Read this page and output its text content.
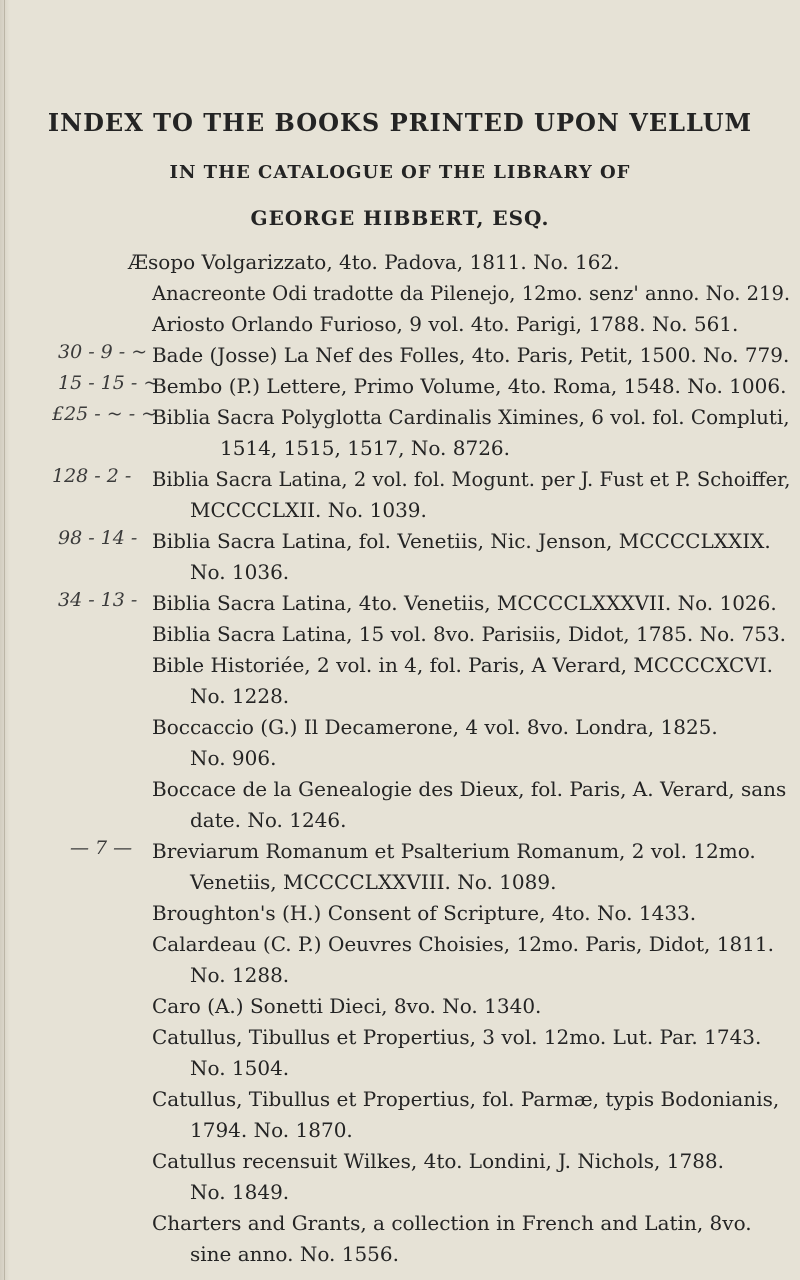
INDEX TO THE BOOKS PRINTED UPON VELLUM
IN THE CATALOGUE OF THE LIBRARY OF
GEORGE HIBBERT, ESQ.
Æsopo Volgarizzato, 4to. Padova, 1811. No. 162.
Anacreonte Odi tradotte da Pilenejo, 12mo. senz' anno. No. 219.
Ariosto Orlando Furioso, 9 vol. 4to. Parigi, 1788. No. 561.
30 - 9 - ~ Bade (Josse) La Nef des Folles, 4to. Paris, Petit, 1500. No. 779.
15 - 15 - ~
Bembo (P.) Lettere, Primo Volume, 4to. Roma, 1548. No. 1006.
£25 - ~ - ~
Biblia Sacra Polyglotta Cardinalis Ximines, 6 vol. fol. Compluti,
1514, 1515, 1517, No. 8726.
128 - 2 - Biblia Sacra Latina, 2 vol. fol. Mogunt. per J. Fust et P. Schoiffer,
MCCCCLXII. No. 1039.
98 - 14 - Biblia Sacra Latina, fol. Venetiis, Nic. Jenson, MCCCCLXXIX.
No. 1036.
34 - 13 - Biblia Sacra Latina, 4to. Venetiis, MCCCCLXXXVII. No. 1026.
Biblia Sacra Latina, 15 vol. 8vo. Parisiis, Didot, 1785. No. 753.
Bible Historiée, 2 vol. in 4, fol. Paris, A Verard, MCCCCXCVI.
No. 1228.
Boccaccio (G.) Il Decamerone, 4 vol. 8vo. Londra, 1825.
No. 906.
Boccace de la Genealogie des Dieux, fol. Paris, A. Verard, sans
date. No. 1246.
— 7 — Breviarum Romanum et Psalterium Romanum, 2 vol. 12mo.
Venetiis, MCCCCLXXVIII. No. 1089.
Broughton's (H.) Consent of Scripture, 4to. No. 1433.
Calardeau (C. P.) Oeuvres Choisies, 12mo. Paris, Didot, 1811.
No. 1288.
Caro (A.) Sonetti Dieci, 8vo. No. 1340.
Catullus, Tibullus et Propertius, 3 vol. 12mo. Lut. Par. 1743.
No. 1504.
Catullus, Tibullus et Propertius, fol. Parmæ, typis Bodonianis,
1794. No. 1870.
Catullus recensuit Wilkes, 4to. Londini, J. Nichols, 1788.
No. 1849.
Charters and Grants, a collection in French and Latin, 8vo.
sine anno. No. 1556.
